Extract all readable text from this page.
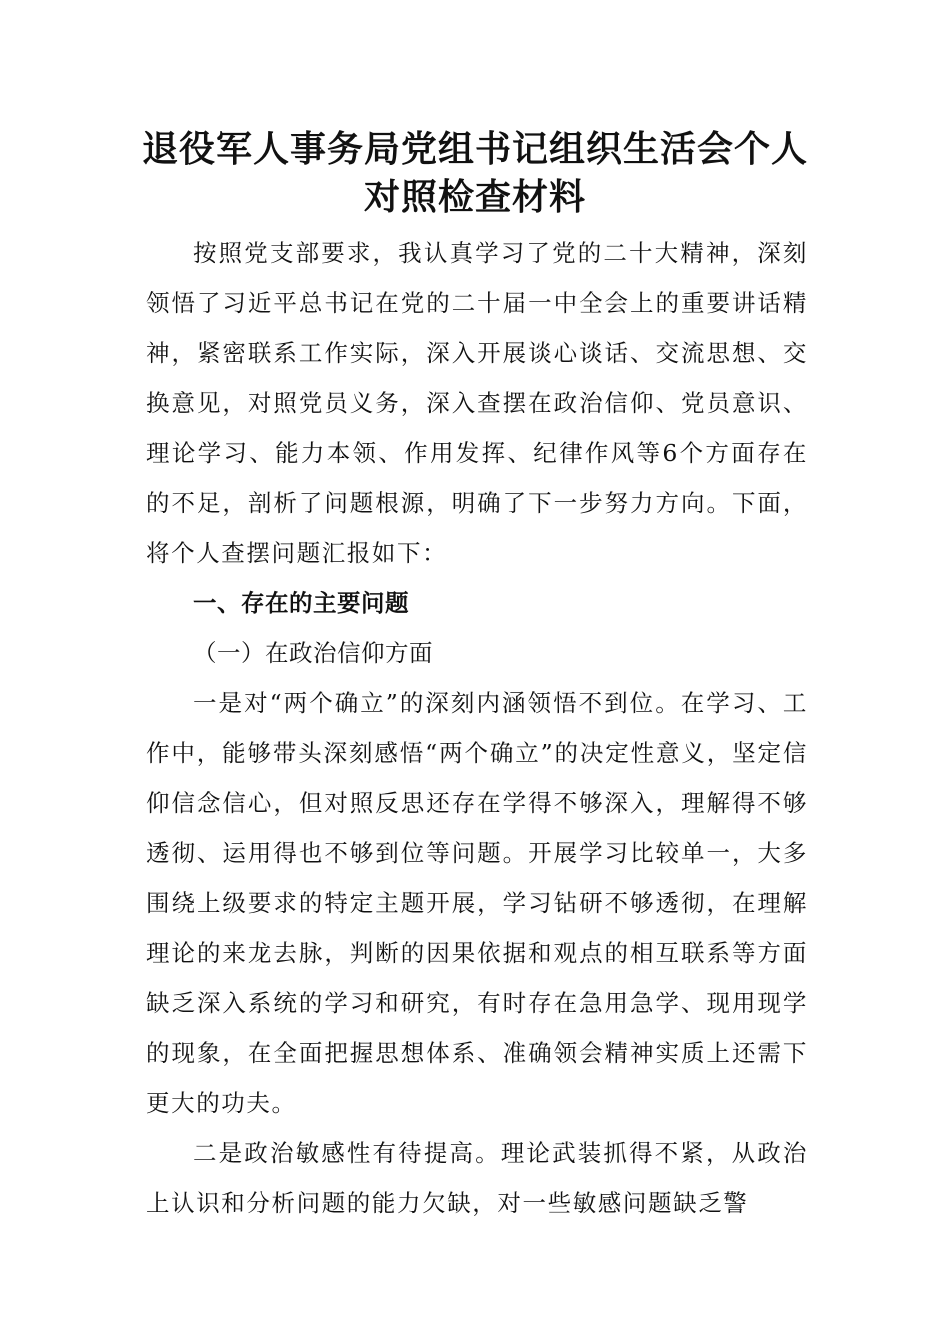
退役军人事务局党组书记组织生活会个人
对照检查材料

按照党支部要求，我认真学习了党的二十大精神，深刻领悟了习近平总书记在党的二十届一中全会上的重要讲话精神，紧密联系工作实际，深入开展谈心谈话、交流思想、交换意见，对照党员义务，深入查摆在政治信仰、党员意识、理论学习、能力本领、作用发挥、纪律作风等6个方面存在的不足，剖析了问题根源，明确了下一步努力方向。下面，将个人查摆问题汇报如下：

一、存在的主要问题

（一）在政治信仰方面

一是对“两个确立”的深刻内涵领悟不到位。在学习、工作中，能够带头深刻感悟“两个确立”的决定性意义，坚定信仰信念信心，但对照反思还存在学得不够深入，理解得不够透彻、运用得也不够到位等问题。开展学习比较单一，大多围绕上级要求的特定主题开展，学习钻研不够透彻，在理解理论的来龙去脉，判断的因果依据和观点的相互联系等方面缺乏深入系统的学习和研究，有时存在急用急学、现用现学的现象，在全面把握思想体系、准确领会精神实质上还需下更大的功夫。

二是政治敏感性有待提高。理论武装抓得不紧，从政治上认识和分析问题的能力欠缺，对一些敏感问题缺乏警
